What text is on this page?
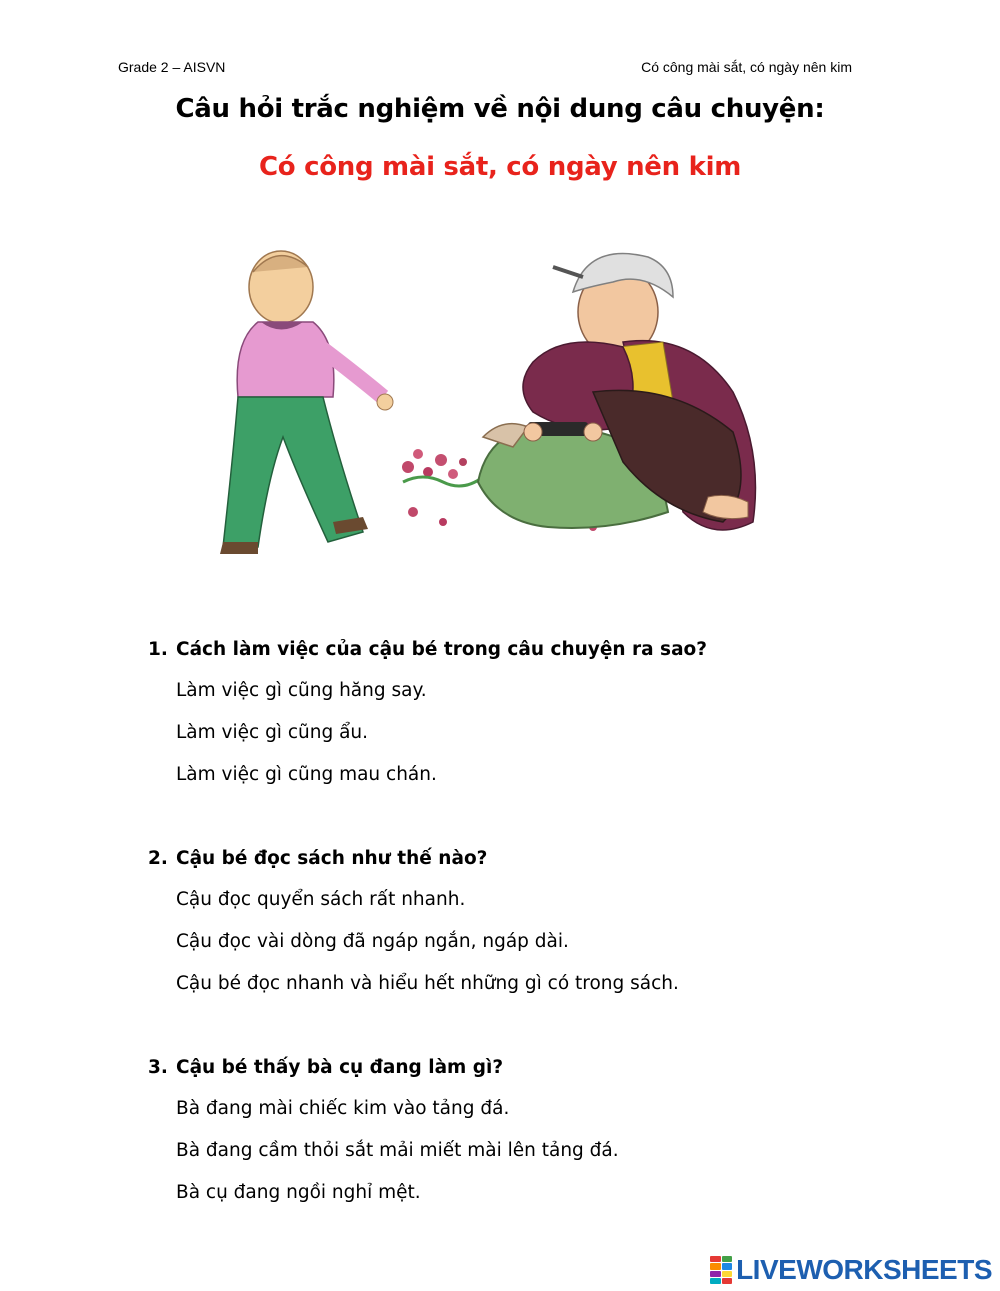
Grade 2 – AISVN	Có công mài sắt, có ngày nên kim
Câu hỏi trắc nghiệm về nội dung câu chuyện:
Có công mài sắt, có ngày nên kim
1. Cách làm việc của cậu bé trong câu chuyện ra sao?
Làm việc gì cũng hăng say.
Làm việc gì cũng ẩu.
Làm việc gì cũng mau chán.
2. Cậu bé đọc sách như thế nào?
Cậu đọc quyển sách rất nhanh.
Cậu đọc vài dòng đã ngáp ngắn, ngáp dài.
Cậu bé đọc nhanh và hiểu hết những gì có trong sách.
3. Cậu bé thấy bà cụ đang làm gì?
Bà đang mài chiếc kim vào tảng đá.
Bà đang cầm thỏi sắt mải miết mài lên tảng đá.
Bà cụ đang ngồi nghỉ mệt.
LIVEWORKSHEETS
